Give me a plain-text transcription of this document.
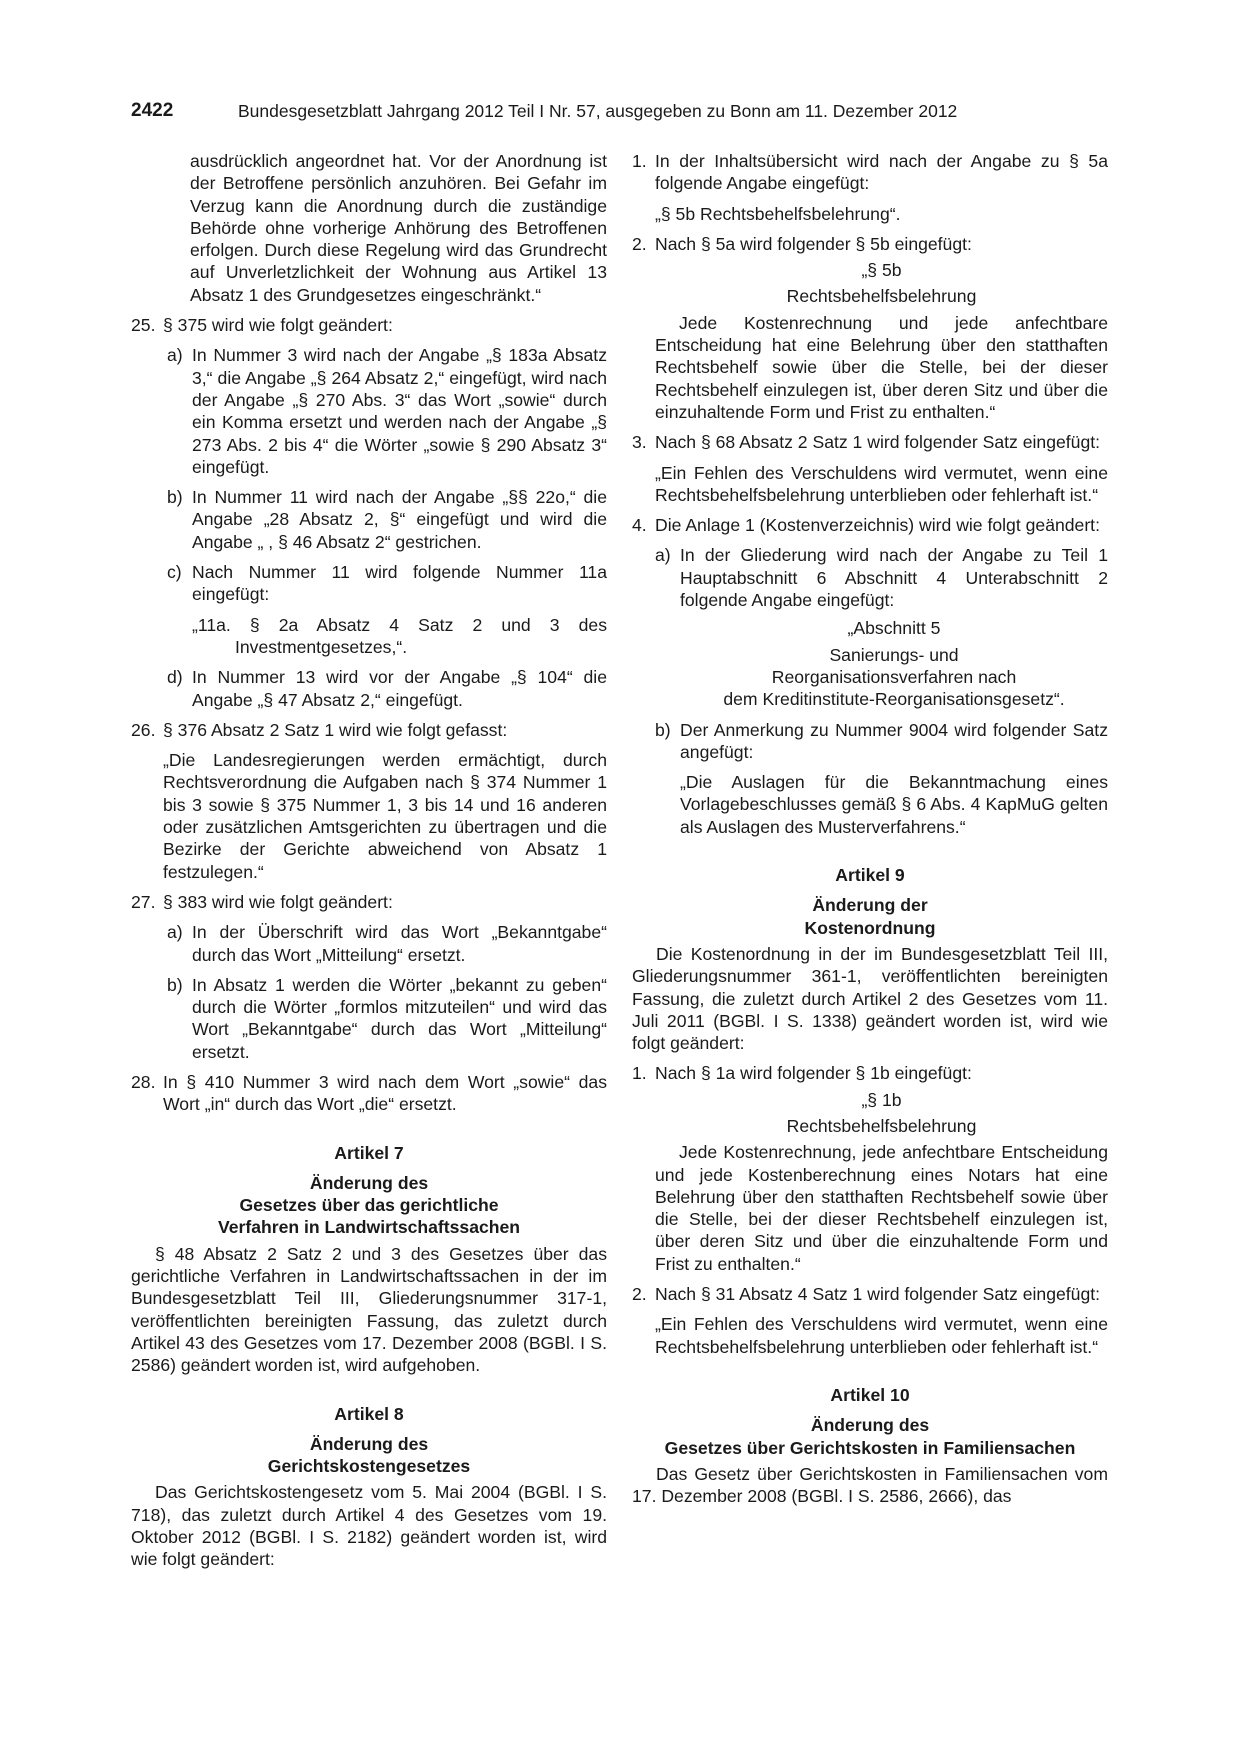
2422	Bundesgesetzblatt Jahrgang 2012 Teil I Nr. 57, ausgegeben zu Bonn am 11. Dezember 2012

ausdrücklich angeordnet hat. Vor der Anordnung ist der Betroffene persönlich anzuhören. Bei Gefahr im Verzug kann die Anordnung durch die zuständige Behörde ohne vorherige Anhörung des Betroffenen erfolgen. Durch diese Regelung wird das Grundrecht auf Unverletzlichkeit der Wohnung aus Artikel 13 Absatz 1 des Grundgesetzes eingeschränkt.“

25. § 375 wird wie folgt geändert:
a) In Nummer 3 wird nach der Angabe „§ 183a Absatz 3,“ die Angabe „§ 264 Absatz 2,“ eingefügt, wird nach der Angabe „§ 270 Abs. 3“ das Wort „sowie“ durch ein Komma ersetzt und werden nach der Angabe „§ 273 Abs. 2 bis 4“ die Wörter „sowie § 290 Absatz 3“ eingefügt.
b) In Nummer 11 wird nach der Angabe „§§ 22o,“ die Angabe „28 Absatz 2, §“ eingefügt und wird die Angabe „ , § 46 Absatz 2“ gestrichen.
c) Nach Nummer 11 wird folgende Nummer 11a eingefügt:

„11a. § 2a Absatz 4 Satz 2 und 3 des Investmentgesetzes,“.

d) In Nummer 13 wird vor der Angabe „§ 104“ die Angabe „§ 47 Absatz 2,“ eingefügt.
26. § 376 Absatz 2 Satz 1 wird wie folgt gefasst:

„Die Landesregierungen werden ermächtigt, durch Rechtsverordnung die Aufgaben nach § 374 Nummer 1 bis 3 sowie § 375 Nummer 1, 3 bis 14 und 16 anderen oder zusätzlichen Amtsgerichten zu übertragen und die Bezirke der Gerichte abweichend von Absatz 1 festzulegen.“

27. § 383 wird wie folgt geändert:
a) In der Überschrift wird das Wort „Bekanntgabe“ durch das Wort „Mitteilung“ ersetzt.
b) In Absatz 1 werden die Wörter „bekannt zu geben“ durch die Wörter „formlos mitzuteilen“ und wird das Wort „Bekanntgabe“ durch das Wort „Mitteilung“ ersetzt.
28. In § 410 Nummer 3 wird nach dem Wort „sowie“ das Wort „in“ durch das Wort „die“ ersetzt.
Artikel 7
Änderung des
Gesetzes über das gerichtliche
Verfahren in Landwirtschaftssachen

§ 48 Absatz 2 Satz 2 und 3 des Gesetzes über das gerichtliche Verfahren in Landwirtschaftssachen in der im Bundesgesetzblatt Teil III, Gliederungsnummer 317-1, veröffentlichten bereinigten Fassung, das zuletzt durch Artikel 43 des Gesetzes vom 17. Dezember 2008 (BGBl. I S. 2586) geändert worden ist, wird aufgehoben.

Artikel 8
Änderung des
Gerichtskostengesetzes

Das Gerichtskostengesetz vom 5. Mai 2004 (BGBl. I S. 718), das zuletzt durch Artikel 4 des Gesetzes vom 19. Oktober 2012 (BGBl. I S. 2182) geändert worden ist, wird wie folgt geändert:

1. In der Inhaltsübersicht wird nach der Angabe zu § 5a folgende Angabe eingefügt:

„§ 5b Rechtsbehelfsbelehrung“.

2. Nach § 5a wird folgender § 5b eingefügt:
„§ 5b
Rechtsbehelfsbelehrung

Jede Kostenrechnung und jede anfechtbare Entscheidung hat eine Belehrung über den statthaften Rechtsbehelf sowie über die Stelle, bei der dieser Rechtsbehelf einzulegen ist, über deren Sitz und über die einzuhaltende Form und Frist zu enthalten.“

3. Nach § 68 Absatz 2 Satz 1 wird folgender Satz eingefügt:

„Ein Fehlen des Verschuldens wird vermutet, wenn eine Rechtsbehelfsbelehrung unterblieben oder fehlerhaft ist.“

4. Die Anlage 1 (Kostenverzeichnis) wird wie folgt geändert:
a) In der Gliederung wird nach der Angabe zu Teil 1 Hauptabschnitt 6 Abschnitt 4 Unterabschnitt 2 folgende Angabe eingefügt:
„Abschnitt 5
Sanierungs- und
Reorganisationsverfahren nach
dem Kreditinstitute-Reorganisationsgesetz“.
b) Der Anmerkung zu Nummer 9004 wird folgender Satz angefügt:

„Die Auslagen für die Bekanntmachung eines Vorlagebeschlusses gemäß § 6 Abs. 4 KapMuG gelten als Auslagen des Musterverfahrens.“

Artikel 9
Änderung der
Kostenordnung

Die Kostenordnung in der im Bundesgesetzblatt Teil III, Gliederungsnummer 361-1, veröffentlichten bereinigten Fassung, die zuletzt durch Artikel 2 des Gesetzes vom 11. Juli 2011 (BGBl. I S. 1338) geändert worden ist, wird wie folgt geändert:

1. Nach § 1a wird folgender § 1b eingefügt:
„§ 1b
Rechtsbehelfsbelehrung

Jede Kostenrechnung, jede anfechtbare Entscheidung und jede Kostenberechnung eines Notars hat eine Belehrung über den statthaften Rechtsbehelf sowie über die Stelle, bei der dieser Rechtsbehelf einzulegen ist, über deren Sitz und über die einzuhaltende Form und Frist zu enthalten.“

2. Nach § 31 Absatz 4 Satz 1 wird folgender Satz eingefügt:

„Ein Fehlen des Verschuldens wird vermutet, wenn eine Rechtsbehelfsbelehrung unterblieben oder fehlerhaft ist.“

Artikel 10
Änderung des
Gesetzes über Gerichtskosten in Familiensachen

Das Gesetz über Gerichtskosten in Familiensachen vom 17. Dezember 2008 (BGBl. I S. 2586, 2666), das
